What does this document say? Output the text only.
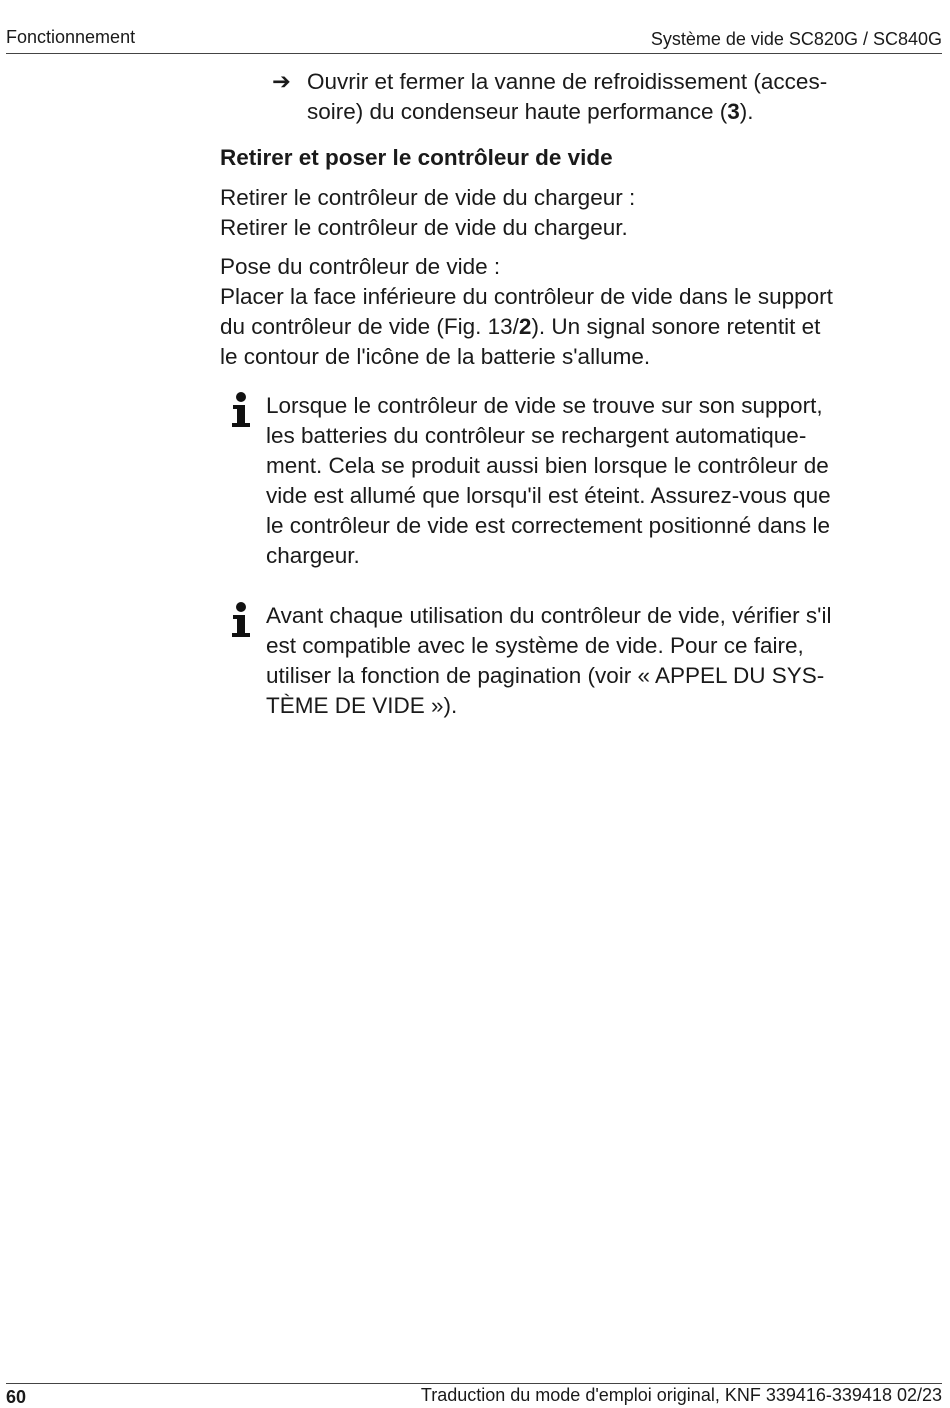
Fonctionnement	Système de vide SC820G / SC840G
➔ Ouvrir et fermer la vanne de refroidissement (acces-
soire) du condenseur haute performance (3).
Retirer et poser le contrôleur de vide
Retirer le contrôleur de vide du chargeur :
Retirer le contrôleur de vide du chargeur.
Pose du contrôleur de vide :
Placer la face inférieure du contrôleur de vide dans le support
du contrôleur de vide (Fig. 13/2). Un signal sonore retentit et
le contour de l'icône de la batterie s'allume.
Lorsque le contrôleur de vide se trouve sur son support,
les batteries du contrôleur se rechargent automatique-
ment. Cela se produit aussi bien lorsque le contrôleur de
vide est allumé que lorsqu'il est éteint. Assurez-vous que
le contrôleur de vide est correctement positionné dans le
chargeur.
Avant chaque utilisation du contrôleur de vide, vérifier s'il
est compatible avec le système de vide. Pour ce faire,
utiliser la fonction de pagination (voir « APPEL DU SYS-
TÈME DE VIDE »).
60	Traduction du mode d'emploi original, KNF 339416-339418 02/23
